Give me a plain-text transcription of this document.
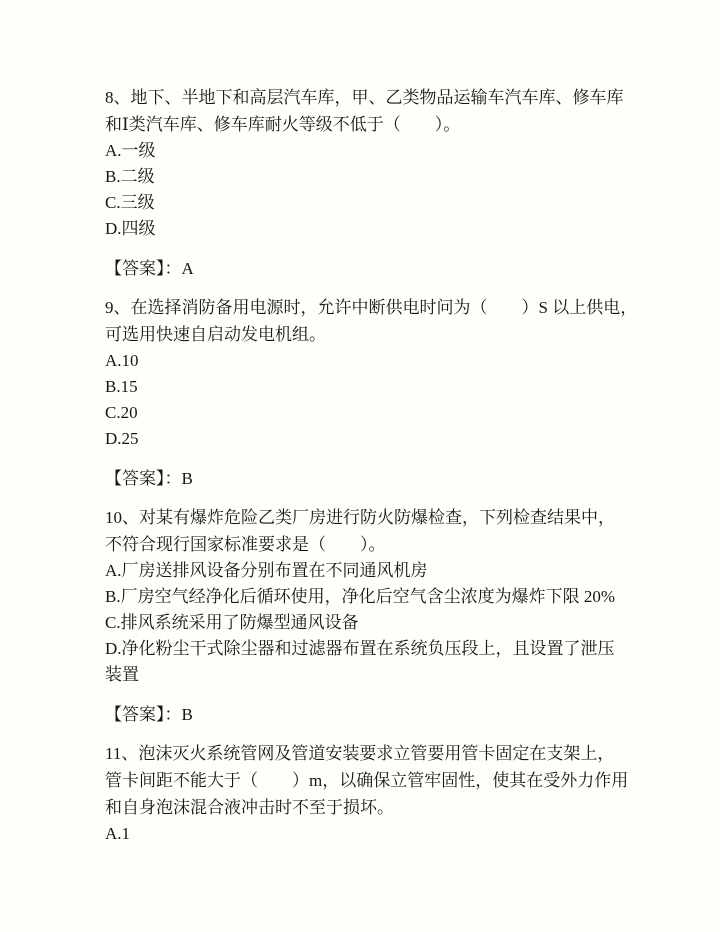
8、地下、半地下和高层汽车库，甲、乙类物品运输车汽车库、修车库
和Ⅰ类汽车库、修车库耐火等级不低于（　　）。
A.一级
B.二级
C.三级
D.四级
【答案】：A
9、在选择消防备用电源时，允许中断供电时问为（　　）S 以上供电，
可选用快速自启动发电机组。
A.10
B.15
C.20
D.25
【答案】：B
10、对某有爆炸危险乙类厂房进行防火防爆检查，下列检查结果中，
不符合现行国家标准要求是（　　）。
A.厂房送排风设备分别布置在不同通风机房
B.厂房空气经净化后循环使用，净化后空气含尘浓度为爆炸下限 20%
C.排风系统采用了防爆型通风设备
D.净化粉尘干式除尘器和过滤器布置在系统负压段上，且设置了泄压
装置
【答案】：B
11、泡沫灭火系统管网及管道安装要求立管要用管卡固定在支架上，
管卡间距不能大于（　　）m，以确保立管牢固性，使其在受外力作用
和自身泡沫混合液冲击时不至于损坏。
A.1
